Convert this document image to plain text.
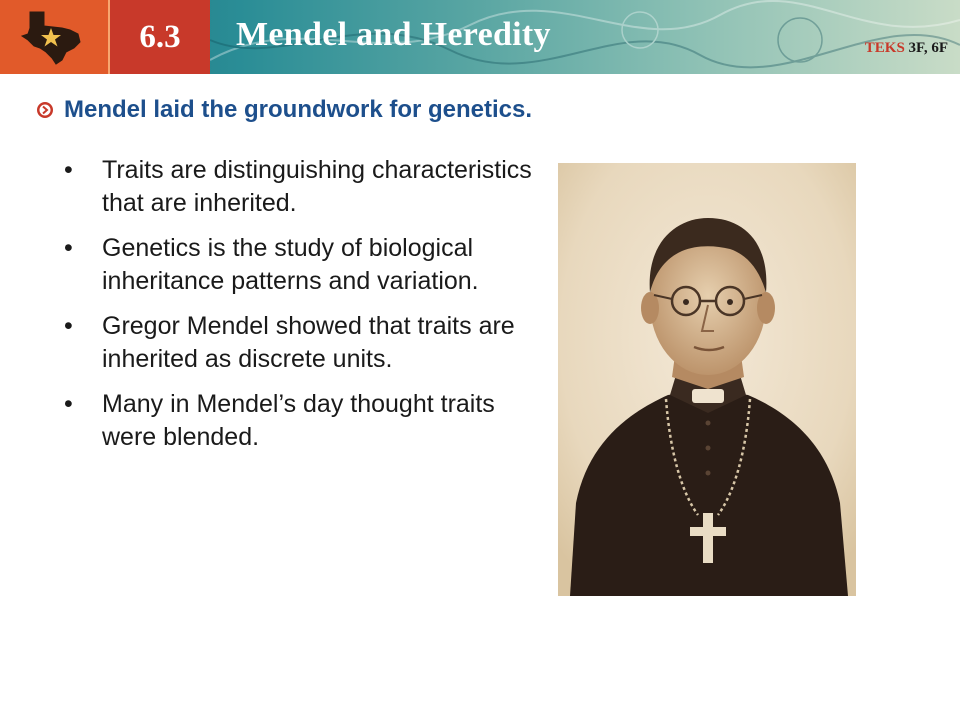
6.3	Mendel and Heredity	TEKS 3F, 6F
Mendel laid the groundwork for genetics.
•	Traits are distinguishing characteristics that are inherited.
•	Genetics is the study of biological  inheritance patterns and variation.
•	Gregor Mendel showed that traits are inherited as discrete units.
•	Many in Mendel’s day thought traits were blended.
